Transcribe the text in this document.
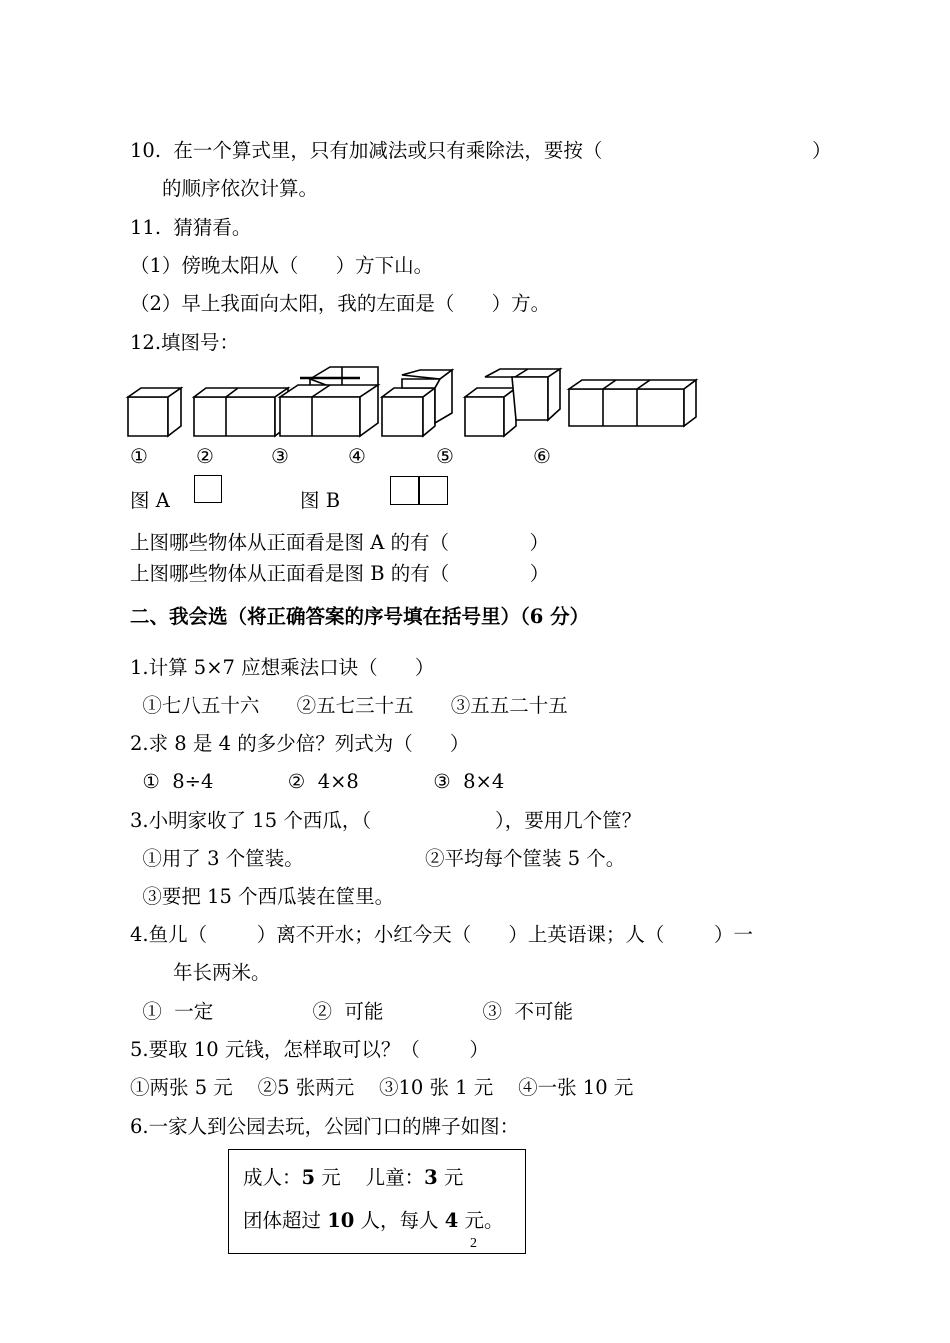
10.  在一个算式里，只有加减法或只有乘除法，要按（	）
的顺序依次计算。
11.  猜猜看。
（1）傍晚太阳从（      ）方下山。
（2）早上我面向太阳，我的左面是（      ）方。
12.填图号：
① ②	③	④	⑤	⑥
图 A	图 B
上图哪些物体从正面看是图 A 的有（             ）
上图哪些物体从正面看是图 B 的有（             ）
二、我会选（将正确答案的序号填在括号里）（6 分）
1.计算 5×7 应想乘法口诀（      ）
①七八五十六      ②五七三十五      ③五五二十五
2.求 8 是 4 的多少倍？列式为（      ）
①  8÷4            ②  4×8            ③  8×4
3.小明家收了 15 个西瓜，（                    ），要用几个筐？
①用了 3 个筐装。	②平均每个筐装 5 个。
③要把 15 个西瓜装在筐里。
4.鱼儿（        ）离不开水；小红今天（      ）上英语课；人（        ）一
年长两米。
①  一定                ②  可能                ③  不可能
5.要取 10 元钱，怎样取可以？（        ）
①两张 5 元    ②5 张两元    ③10 张 1 元    ④一张 10 元
6.一家人到公园去玩，公园门口的牌子如图：
成人：5 元    儿童：3 元
团体超过 10 人，每人 4 元。
2
